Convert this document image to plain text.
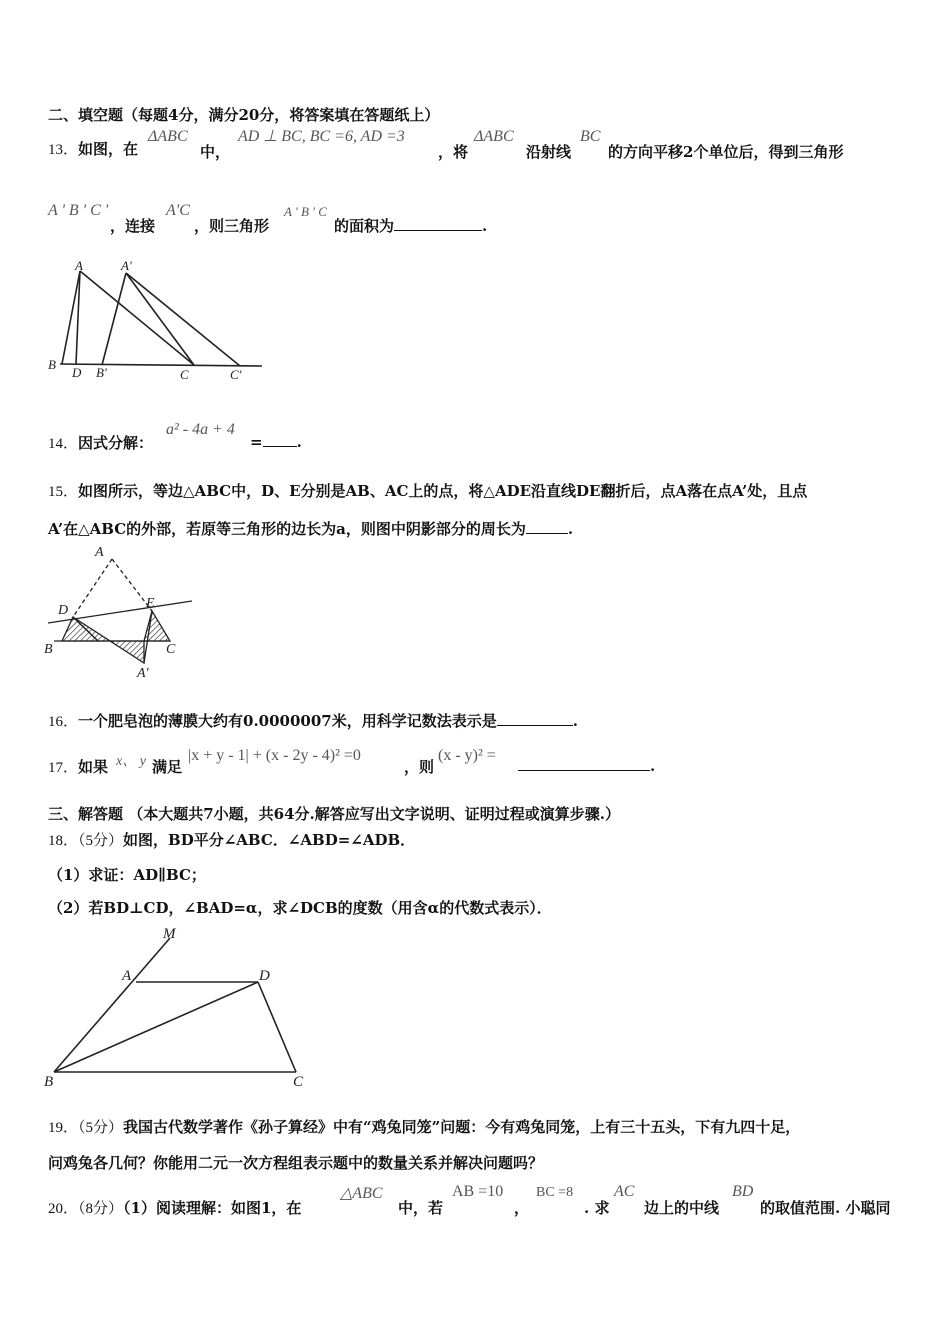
二、填空题（每题4分，满分20分，将答案填在答题纸上）
13．如图，在
ΔABC
中，
AD ⊥ BC, BC =6, AD =3
，将
ΔABC
沿射线
BC
的方向平移2个单位后，得到三角形
A ' B ' C '
，连接
A'C
，则三角形
A ' B ' C
的面积为	.
A	A'
B
D B'	C	C'
14．因式分解：
a² - 4a + 4
= .
15．如图所示，等边△ABC中，D、E分别是AB、AC上的点，将△ADE沿直线DE翻折后，点A落在点A’处，且点
A’在△ABC的外部，若原等三角形的边长为a，则图中阴影部分的周长为	.
A
D	E
B	C
A'
16．一个肥皂泡的薄膜大约有0.0000007米，用科学记数法表示是	.
17．如果 x、 y 满足
|x + y - 1| + (x - 2y - 4)² =0
，则
(x - y)² =
.
三、解答题 （本大题共7小题，共64分.解答应写出文字说明、证明过程或演算步骤.）
18．（5分）如图，BD平分∠ABC．∠ABD=∠ADB．
（1）求证：AD∥BC；
（2）若BD⊥CD，∠BAD=α，求∠DCB的度数（用含α的代数式表示）．
M
A	D
B	C
19．（5分）我国古代数学著作《孙子算经》中有“鸡兔同笼”问题：今有鸡兔同笼，上有三十五头，下有九四十足，
问鸡兔各几何？你能用二元一次方程组表示题中的数量关系并解决问题吗？
20．（8分）（1）阅读理解：如图1，在
△ABC
中，若
AB =10
，
BC =8
. 求
AC
边上的中线
BD
的取值范围. 小聪同
